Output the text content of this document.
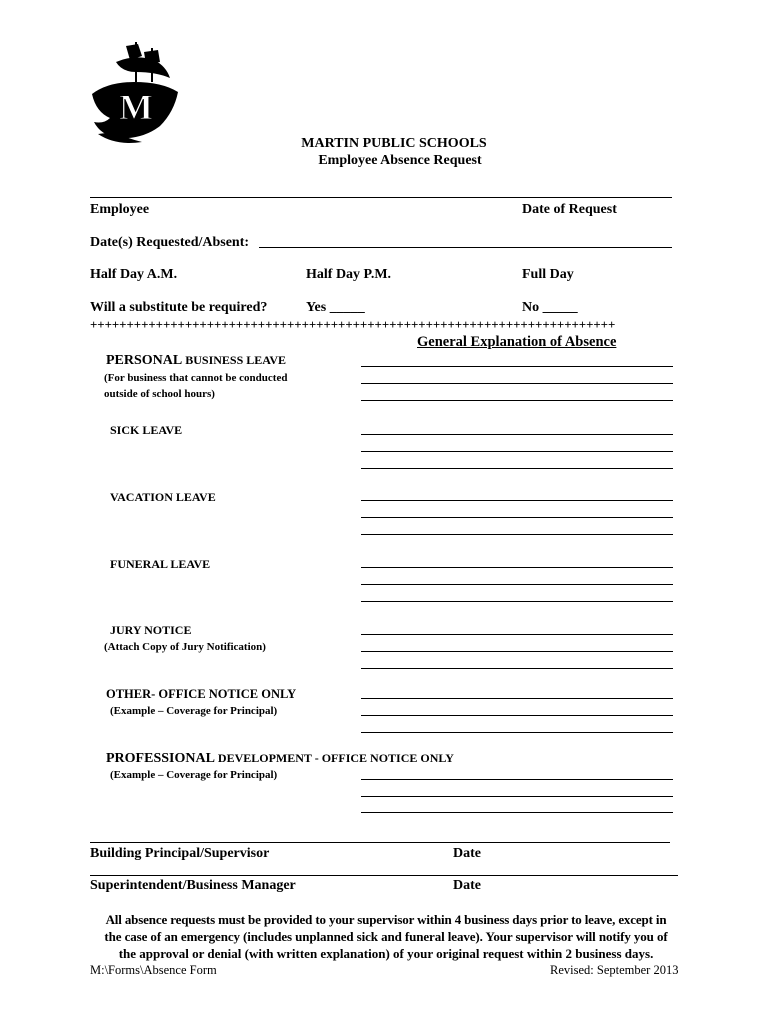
M
MARTIN PUBLIC SCHOOLS
Employee Absence Request
Employee	Date of Request
Date(s) Requested/Absent:
Half Day A.M.	Half Day P.M.	Full Day
Will a substitute be required?	Yes _____	No _____
++++++++++++++++++++++++++++++++++++++++++++++++++++++++++++++++++++++++
General Explanation of Absence
PERSONAL BUSINESS LEAVE
(For business that cannot be conducted
outside of school hours)
SICK LEAVE
VACATION LEAVE
FUNERAL LEAVE
JURY NOTICE
(Attach Copy of Jury Notification)
OTHER- OFFICE NOTICE ONLY
(Example – Coverage for Principal)
PROFESSIONAL DEVELOPMENT - OFFICE NOTICE ONLY
(Example – Coverage for Principal)
Building Principal/Supervisor	Date
Superintendent/Business Manager	Date
All absence requests must be provided to your supervisor within 4 business days prior to leave, except in
the case of an emergency (includes unplanned sick and funeral leave). Your supervisor will notify you of
the approval or denial (with written explanation) of your original request within 2 business days.
M:\Forms\Absence Form	Revised: September 2013
